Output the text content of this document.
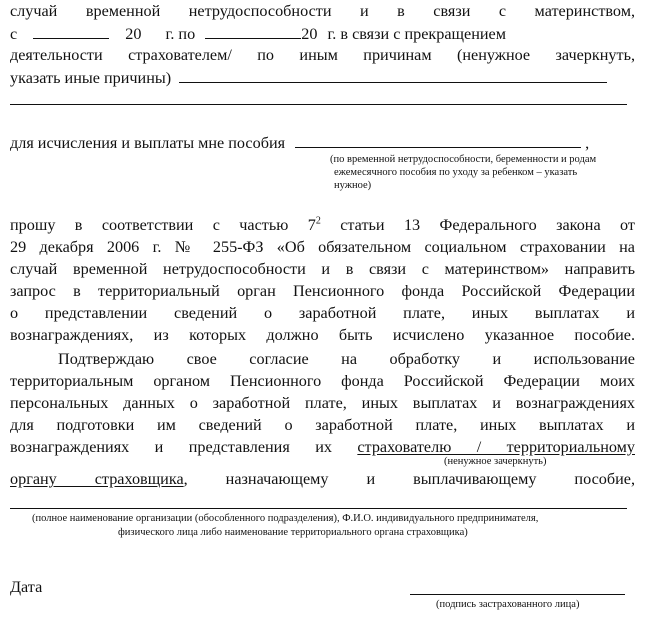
случай временной нетрудоспособности и в связи с материнством,
с	20 г. по	20 г. в связи с прекращением
деятельности страхователем/ по иным причинам (ненужное зачеркнуть,
указать иные причины)
для исчисления и выплаты мне пособия	,
(по временной нетрудоспособности, беременности и родам
ежемесячного пособия по уходу за ребенком – указать
нужное)
прошу в соответствии с частью $7^2$ статьи 13 Федерального закона от
29 декабря 2006 г. № 255-ФЗ «Об обязательном социальном страховании на
случай временной нетрудоспособности и в связи с материнством» направить
запрос в территориальный орган Пенсионного фонда Российской Федерации
о представлении сведений о заработной плате, иных выплатах и
вознаграждениях, из которых должно быть исчислено указанное пособие.
Подтверждаю свое согласие на обработку и использование
территориальным органом Пенсионного фонда Российской Федерации моих
персональных данных о заработной плате, иных выплатах и вознаграждениях
для подготовки им сведений о заработной плате, иных выплатах и
вознаграждениях и представления их страхователю / территориальному
(ненужное зачеркнуть)
органу страховщика, назначающему и выплачивающему пособие,
(полное наименование организации (обособленного подразделения), Ф.И.О. индивидуального предпринимателя,
физического лица либо наименование территориального органа страховщика)
Дата
(подпись застрахованного лица)
